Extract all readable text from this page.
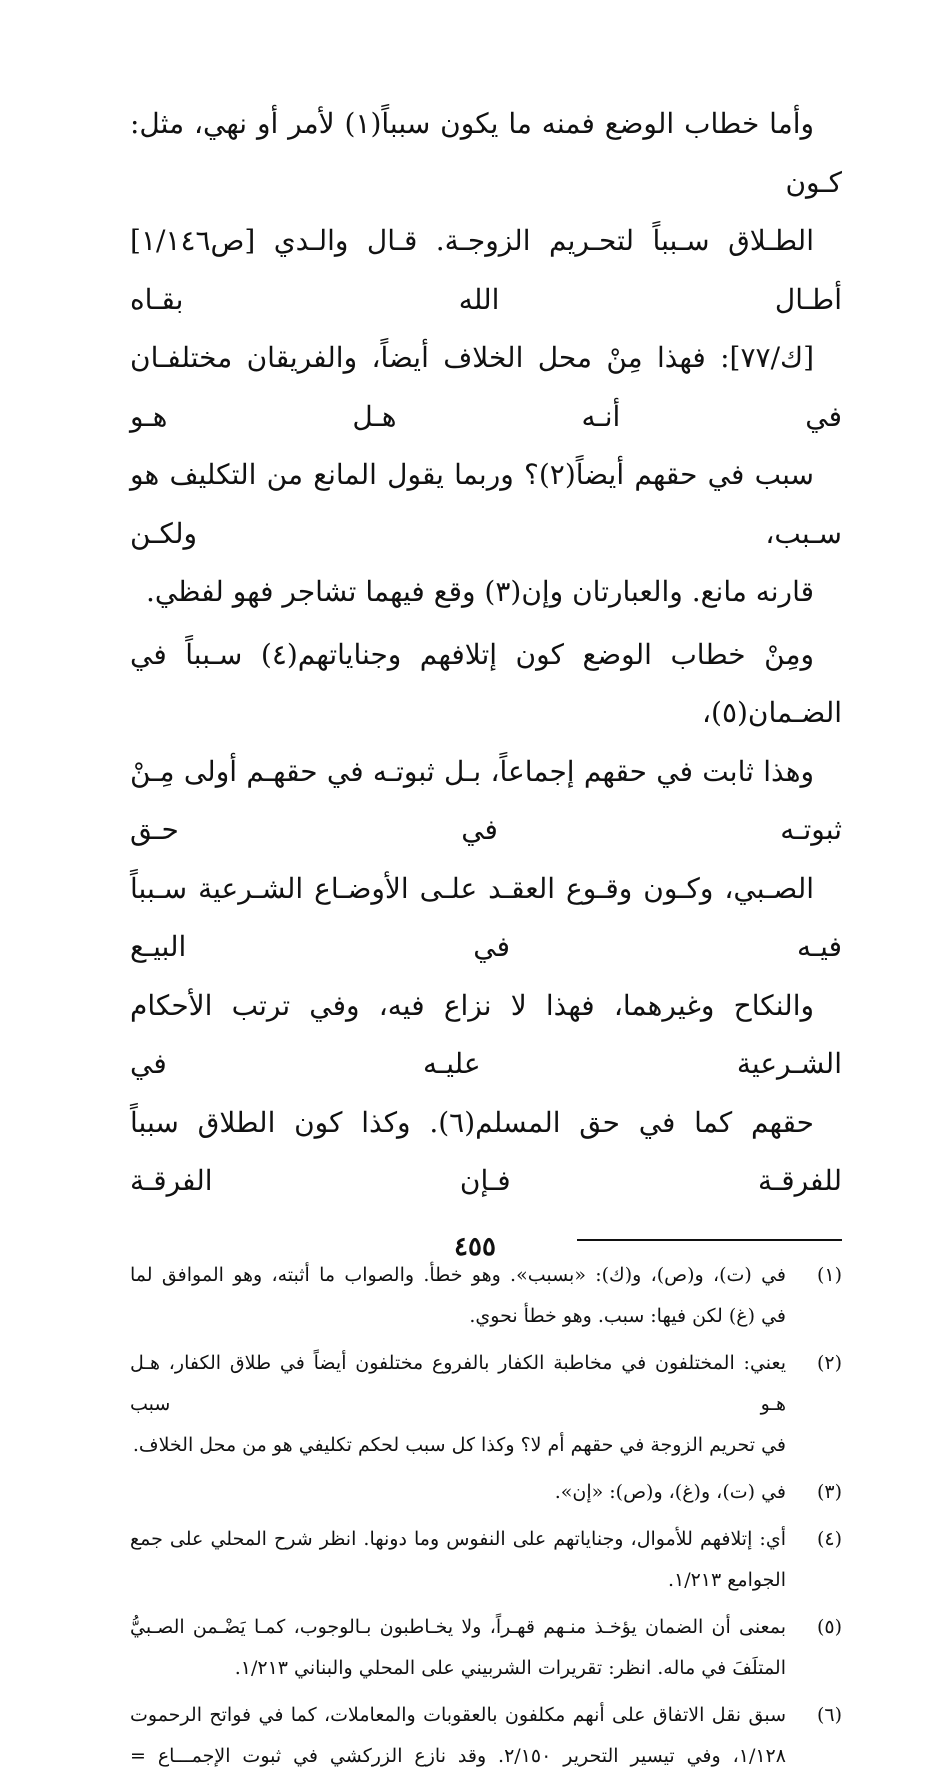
وأما خطاب الوضع فمنه ما يكون سبباً(١) لأمر أو نهي، مثل: كـون
الطـلاق سـبباً لتحـريم الزوجـة. قـال والـدي [ص١/١٤٦] أطـال الله بقـاه
[ك/٧٧]: فهذا مِنْ محل الخلاف أيضاً، والفريقان مختلفـان في أنـه هـل هـو
سبب في حقهم أيضاً(٢)؟ وربما يقول المانع من التكليف هو سـبب، ولكـن
قارنه مانع. والعبارتان وإن(٣) وقع فيهما تشاجر فهو لفظي.
ومِنْ خطاب الوضع كون إتلافهم وجناياتهم(٤) سـبباً في الضـمان(٥)،
وهذا ثابت في حقهم إجماعاً، بـل ثبوتـه في حقهـم أولى مِـنْ ثبوتـه في حـق
الصـبي، وكـون وقـوع العقـد علـى الأوضـاع الشـرعية سـبباً فيـه في البيـع
والنكاح وغيرهما، فهذا لا نزاع فيه، وفي ترتب الأحكام الشـرعية عليـه في
حقهم كما في حق المسلم(٦). وكذا كون الطلاق سبباً للفرقـة فـإن الفرقـة
(١)
في (ت)، و(ص)، و(ك): «بسبب». وهو خطأ. والصواب ما أثبته، وهو الموافق لما
في (غ) لكن فيها: سبب. وهو خطأ نحوي.
(٢)
يعني: المختلفون في مخاطبة الكفار بالفروع مختلفون أيضاً في طلاق الكفار، هـل هـو سبب
في تحريم الزوجة في حقهم أم لا؟ وكذا كل سبب لحكم تكليفي هو من محل الخلاف.
(٣)
في (ت)، و(غ)، و(ص): «إن».
(٤)
أي: إتلافهم للأموال، وجناياتهم على النفوس وما دونها. انظر شرح المحلي على جمع
الجوامع ١/٢١٣.
(٥)
بمعنى أن الضمان يؤخـذ منـهم قهـراً، ولا يخـاطبون بـالوجوب، كمـا يَضْـمن الصـبيُّ
المتلَفَ في ماله. انظر: تقريرات الشربيني على المحلي والبناني ١/٢١٣.
(٦)
سبق نقل الاتفاق على أنهم مكلفون بالعقوبات والمعاملات، كما في فواتح الرحموت
١/١٢٨، وفي تيسير التحرير ٢/١٥٠. وقد نازع الزركشي في ثبوت الإجمـــاع =
٤٥٥
